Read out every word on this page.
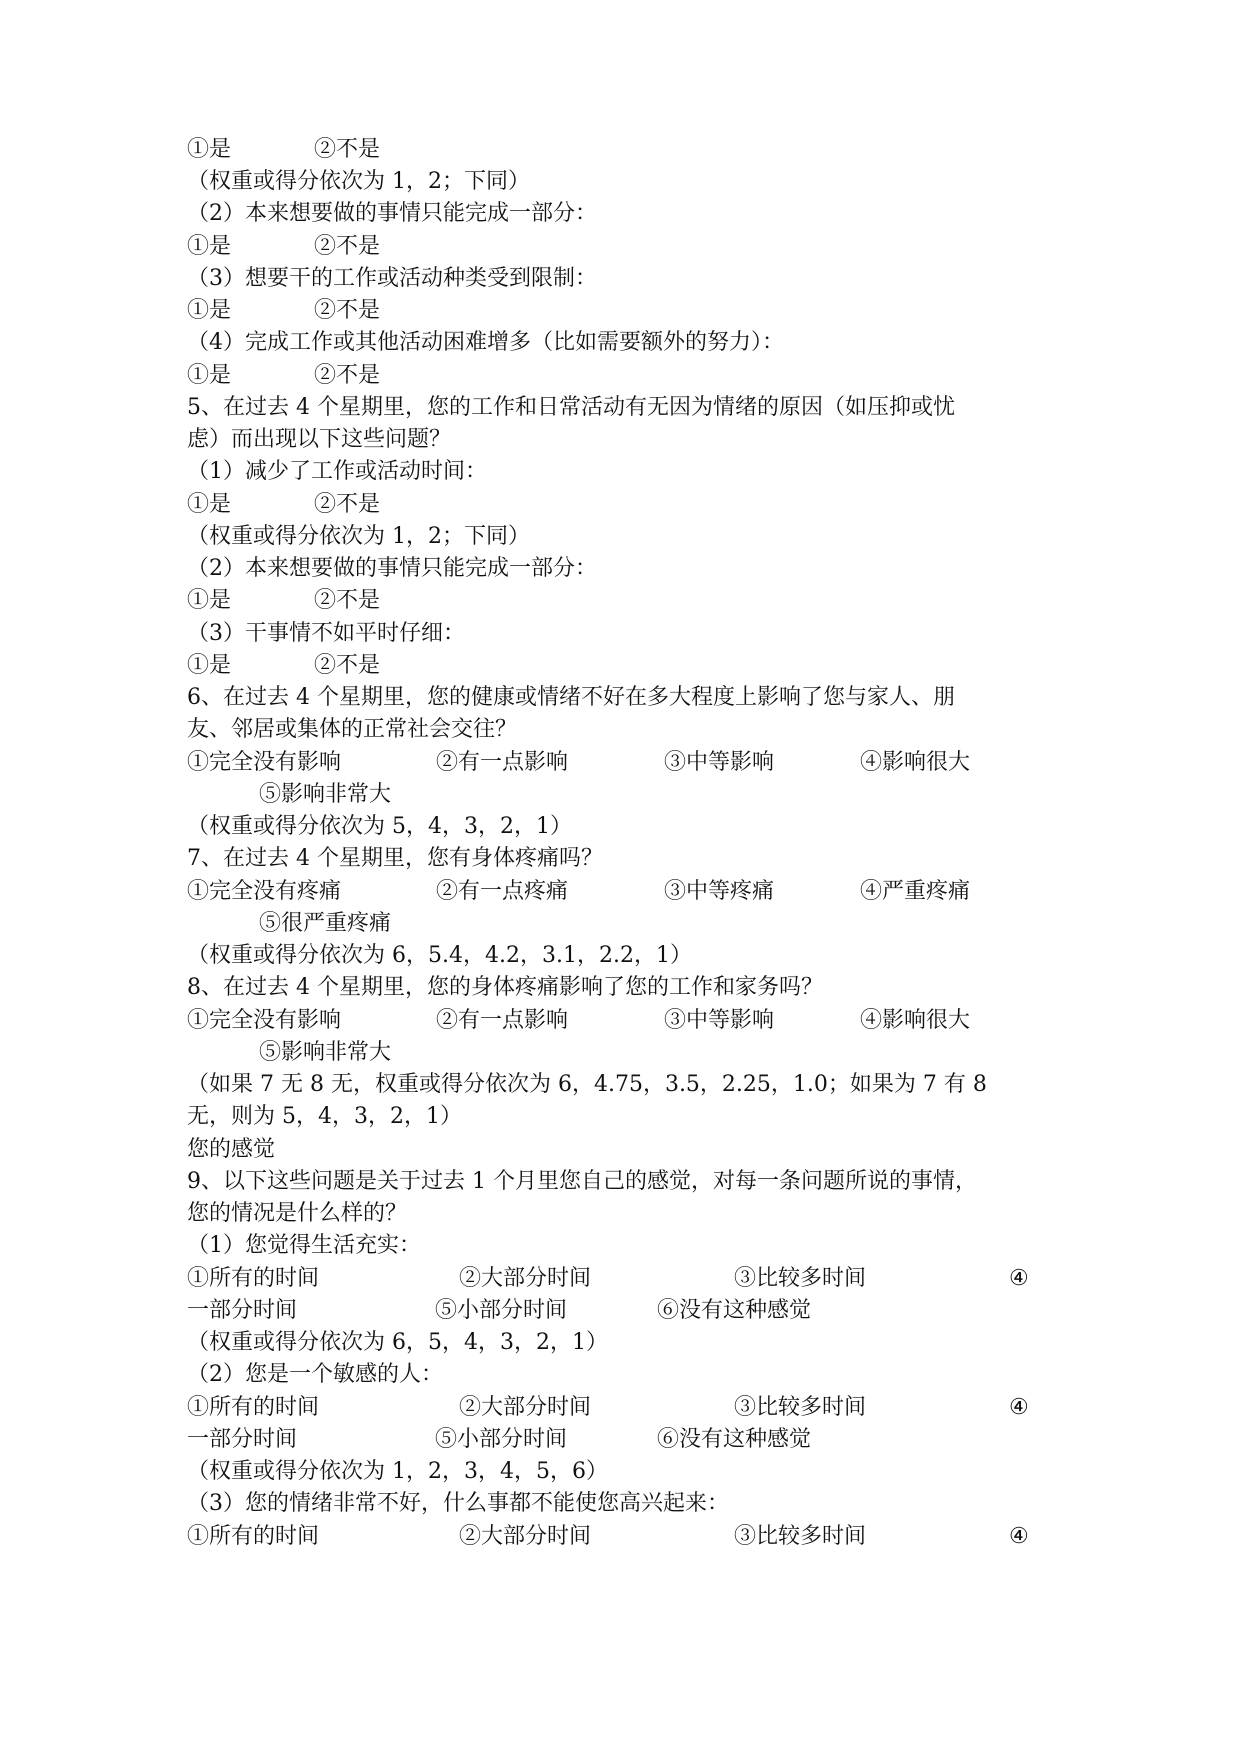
①是	②不是
（权重或得分依次为 1，2；下同）
（2）本来想要做的事情只能完成一部分：
①是	②不是
（3）想要干的工作或活动种类受到限制：
①是	②不是
（4）完成工作或其他活动困难增多（比如需要额外的努力）：
①是	②不是
5、在过去 4 个星期里，您的工作和日常活动有无因为情绪的原因（如压抑或忧
虑）而出现以下这些问题？
（1）减少了工作或活动时间：
①是	②不是
（权重或得分依次为 1，2；下同）
（2）本来想要做的事情只能完成一部分：
①是	②不是
（3）干事情不如平时仔细：
①是	②不是
6、在过去 4 个星期里，您的健康或情绪不好在多大程度上影响了您与家人、朋
友、邻居或集体的正常社会交往？
①完全没有影响	②有一点影响	③中等影响	④影响很大
⑤影响非常大
（权重或得分依次为 5，4，3，2，1）
7、在过去 4 个星期里，您有身体疼痛吗？
①完全没有疼痛	②有一点疼痛	③中等疼痛	④严重疼痛
⑤很严重疼痛
（权重或得分依次为 6，5.4，4.2，3.1，2.2，1）
8、在过去 4 个星期里，您的身体疼痛影响了您的工作和家务吗？
①完全没有影响	②有一点影响	③中等影响	④影响很大
⑤影响非常大
（如果 7 无 8 无，权重或得分依次为 6，4.75，3.5，2.25，1.0；如果为 7 有 8
无，则为 5，4，3，2，1）
您的感觉
9、以下这些问题是关于过去 1 个月里您自己的感觉，对每一条问题所说的事情，
您的情况是什么样的？
（1）您觉得生活充实：
①所有的时间	②大部分时间	③比较多时间	④
一部分时间	⑤小部分时间	⑥没有这种感觉
（权重或得分依次为 6，5，4，3，2，1）
（2）您是一个敏感的人：
①所有的时间	②大部分时间	③比较多时间	④
一部分时间	⑤小部分时间	⑥没有这种感觉
（权重或得分依次为 1，2，3，4，5，6）
（3）您的情绪非常不好，什么事都不能使您高兴起来：
①所有的时间	②大部分时间	③比较多时间	④
